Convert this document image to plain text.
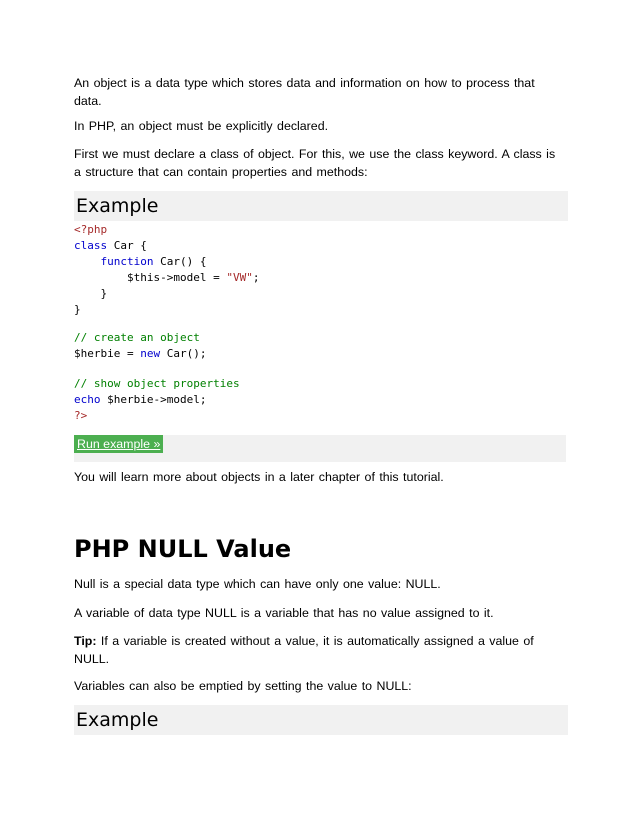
An object is a data type which stores data and information on how to process that data.

In PHP, an object must be explicitly declared.

First we must declare a class of object. For this, we use the class keyword. A class is a structure that can contain properties and methods:

Example
<?php
class Car {
function Car() {
$this->model = "VW";
}
}

// create an object
$herbie = new Car();

// show object properties
echo $herbie->model;
?>
Run example »

You will learn more about objects in a later chapter of this tutorial.

PHP NULL Value

Null is a special data type which can have only one value: NULL.

A variable of data type NULL is a variable that has no value assigned to it.

Tip: If a variable is created without a value, it is automatically assigned a value of NULL.

Variables can also be emptied by setting the value to NULL:

Example
